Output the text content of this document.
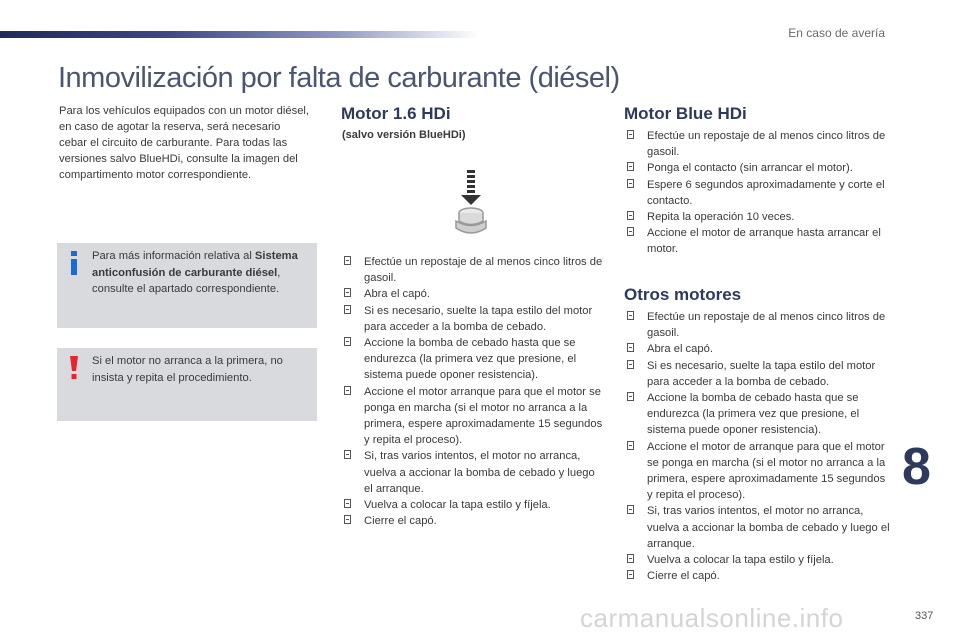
En caso de avería
Inmovilización por falta de carburante (diésel)
Para los vehículos equipados con un motor diésel, en caso de agotar la reserva, será necesario cebar el circuito de carburante. Para todas las versiones salvo BlueHDi, consulte la imagen del compartimento motor correspondiente.
Para más información relativa al Sistema anticonfusión de carburante diésel, consulte el apartado correspondiente.
Si el motor no arranca a la primera, no insista y repita el procedimiento.
Motor 1.6 HDi
(salvo versión BlueHDi)
Efectúe un repostaje de al menos cinco litros de gasoil.
Abra el capó.
Si es necesario, suelte la tapa estilo del motor para acceder a la bomba de cebado.
Accione la bomba de cebado hasta que se endurezca (la primera vez que presione, el sistema puede oponer resistencia).
Accione el motor arranque para que el motor se ponga en marcha (si el motor no arranca a la primera, espere aproximadamente 15 segundos y repita el proceso).
Si, tras varios intentos, el motor no arranca, vuelva a accionar la bomba de cebado y luego el arranque.
Vuelva a colocar la tapa estilo y fíjela.
Cierre el capó.
Motor Blue HDi
Efectúe un repostaje de al menos cinco litros de gasoil.
Ponga el contacto (sin arrancar el motor).
Espere 6 segundos aproximadamente y corte el contacto.
Repita la operación 10 veces.
Accione el motor de arranque hasta arrancar el motor.
Otros motores
Efectúe un repostaje de al menos cinco litros de gasoil.
Abra el capó.
Si es necesario, suelte la tapa estilo del motor para acceder a la bomba de cebado.
Accione la bomba de cebado hasta que se endurezca (la primera vez que presione, el sistema puede oponer resistencia).
Accione el motor de arranque para que el motor se ponga en marcha (si el motor no arranca a la primera, espere aproximadamente 15 segundos y repita el proceso).
Si, tras varios intentos, el motor no arranca, vuelva a accionar la bomba de cebado y luego el arranque.
Vuelva a colocar la tapa estilo y fíjela.
Cierre el capó.
8
337
carmanualsonline.info
